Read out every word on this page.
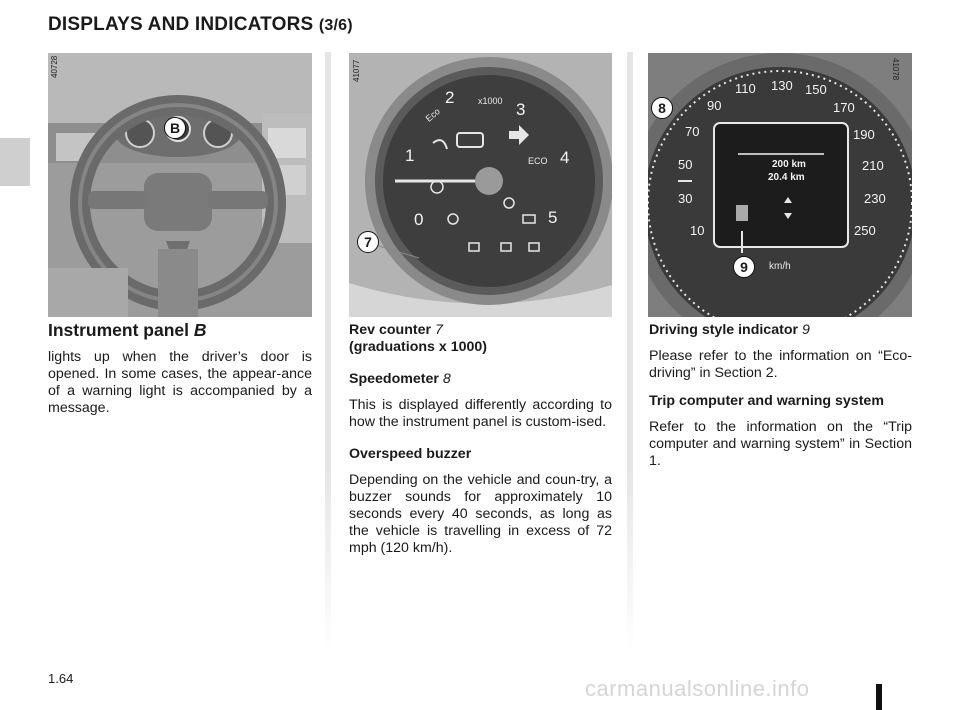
DISPLAYS AND INDICATORS (3/6)
40728
B
41077
0
1
2
3
4
5
x1000
Eco
ECO
7
41078
10
30
50
70
90
110 130 150
170
190
210
230
250
km/h
200 km
20.4 km
8
9
Instrument panel B

lights up when the driver’s door is opened. In some cases, the appear-ance of a warning light is accompanied by a message.

Rev counter 7
(graduations x 1000)
Speedometer 8

This is displayed differently according to how the instrument panel is custom-ised.

Overspeed buzzer

Depending on the vehicle and coun-try, a buzzer sounds for approximately 10 seconds every 40 seconds, as long as the vehicle is travelling in excess of 72 mph (120 km/h).

Driving style indicator 9

Please refer to the information on “Eco-driving” in Section 2.

Trip computer and warning system

Refer to the information on the “Trip computer and warning system” in Section 1.

1.64	carmanualsonline.info
